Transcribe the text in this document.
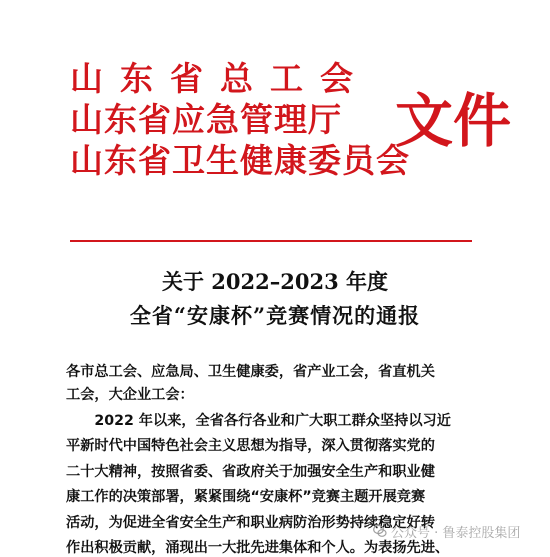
山东省总工会
山东省应急管理厅
山东省卫生健康委员会
文件
关于 2022–2023 年度
全省“安康杯”竞赛情况的通报
各市总工会、应急局、卫生健康委，省产业工会，省直机关
工会，大企业工会：
　　2022 年以来，全省各行各业和广大职工群众坚持以习近
平新时代中国特色社会主义思想为指导，深入贯彻落实党的
二十大精神，按照省委、省政府关于加强安全生产和职业健
康工作的决策部署，紧紧围绕“安康杯”竞赛主题开展竞赛
活动，为促进全省安全生产和职业病防治形势持续稳定好转
作出积极贡献，涌现出一大批先进集体和个人。为表扬先进、
公众号 · 鲁泰控股集团
